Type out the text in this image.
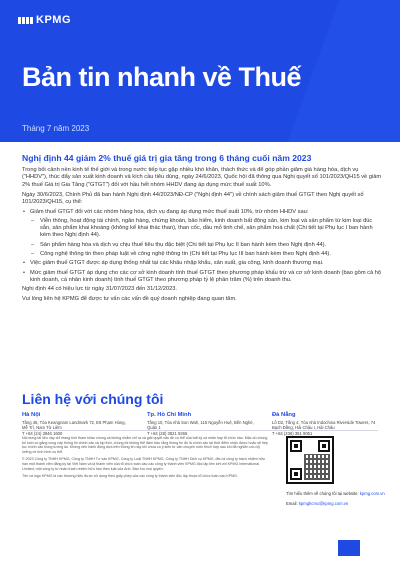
KPMG
Bản tin nhanh về Thuế
Tháng 7 năm 2023
Nghị định 44 giảm 2% thuế giá trị gia tăng trong 6 tháng cuối năm 2023

Trong bối cảnh nền kinh tế thế giới và trong nước tiếp tục gặp nhiều khó khăn, thách thức và để góp phần giảm giá hàng hóa, dịch vụ ("HHDV"), thúc đẩy sản xuất kinh doanh và kích cầu tiêu dùng, ngày 24/6/2023, Quốc hội đã thông qua Nghị quyết số 101/2023/QH15 về giảm 2% thuế Giá trị Gia Tăng ("GTGT") đối với hầu hết nhóm HHDV đang áp dụng mức thuế suất 10%.

Ngày 30/6/2023, Chính Phủ đã ban hành Nghị định 44/2023/NĐ-CP ("Nghị định 44") về chính sách giảm thuế GTGT theo Nghị quyết số 101/2023/QH15, cụ thể:

• Giảm thuế GTGT đối với các nhóm hàng hóa, dịch vụ đang áp dụng mức thuế suất 10%, trừ nhóm HHDV sau:
– Viễn thông, hoạt động tài chính, ngân hàng, chứng khoán, bảo hiểm, kinh doanh bất động sản, kim loại và sản phẩm từ kim loại đúc sẵn, sản phẩm khai khoáng (không kể khai thác than), than cốc, dầu mỏ tinh chế, sản phẩm hoá chất (Chi tiết tại Phụ lục I ban hành kèm theo Nghị định 44).
– Sản phẩm hàng hóa và dịch vụ chịu thuế tiêu thụ đặc biệt (Chi tiết tại Phụ lục II ban hành kèm theo Nghị định 44).
– Công nghệ thông tin theo pháp luật về công nghệ thông tin (Chi tiết tại Phụ lục III ban hành kèm theo Nghị định 44).
• Việc giảm thuế GTGT được áp dụng thống nhất tại các khâu nhập khẩu, sản xuất, gia công, kinh doanh thương mại.
• Mức giảm thuế GTGT áp dụng cho các cơ sở kinh doanh tính thuế GTGT theo phương pháp khấu trừ và cơ sở kinh doanh (bao gồm cả hộ kinh doanh, cá nhân kinh doanh) tính thuế GTGT theo phương pháp tỷ lệ phần trăm (%) trên doanh thu.

Nghị định 44 có hiệu lực từ ngày 31/07/2023 đến 31/12/2023.

Vui lòng liên hệ KPMG để được tư vấn các vấn đề quý doanh nghiệp đang quan tâm.

Liên hệ với chúng tôi
Hà Nội
Tầng 46, Tòa Keangnam Landmark 72, E6 Phạm Hùng, Mễ Trì, Nam Từ Liêm
T +84 (24) 3946 1600
Tp. Hồ Chí Minh
Tầng 10, Tòa nhà Sun Wah, 115 Nguyễn Huệ, Bến Nghé, Quận 1
T +84 (28) 3821 9266
Đà Nẵng
Lô D2, Tầng 4, Tòa nhà Indochina Riverside Towers, 74 Bạch Đằng, Hải Châu I, Hải Châu
T +84 (236) 351 9051

Nội dung tài liệu này chỉ mang tính tham khảo chung và không nhằm chỉ ra và giải quyết vấn đề cụ thể của bất kỳ cá nhân hay tổ chức nào. Mặc dù chúng tôi luôn cố gắng cung cấp thông tin chính xác và kịp thời, chúng tôi không thể đảm bảo rằng thông tin đó là chính xác tại thời điểm nhận được hoặc sẽ tiếp tục chính xác trong tương lai. Không nên hành động dựa trên thông tin này khi chưa có ý kiến tư vấn chuyên môn thích hợp sau khi đã nghiên cứu kỹ lưỡng về tình hình cụ thể.

© 2023 Công ty TNHH KPMG, Công ty TNHH Tư vấn KPMG, Công ty Luật TNHH KPMG, Công ty TNHH Dịch vụ KPMG, đều là công ty trách nhiệm hữu hạn một thành viên đăng ký tại Việt Nam và là thành viên của tổ chức toàn cầu các công ty thành viên KPMG độc lập liên kết với KPMG International Limited, một công ty tư nhân trách nhiệm hữu hạn theo luật của Anh. Bảo lưu mọi quyền.

Tên và logo KPMG là các thương hiệu được sử dụng theo giấy phép của các công ty thành viên độc lập thuộc tổ chức toàn cầu KPMG.

Tìm hiểu thêm về chúng tôi tại website: kpmg.com.vn
Email: kpmghcmc@kpmg.com.vn
